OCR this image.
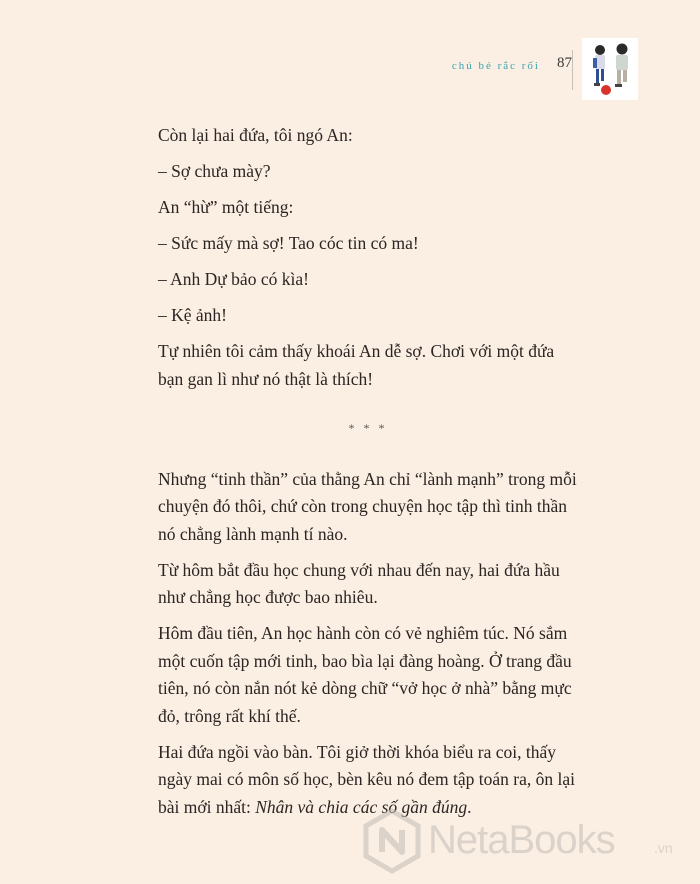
chú bé rắc rối 87

Còn lại hai đứa, tôi ngó An:

– Sợ chưa mày?

An “hừ” một tiếng:

– Sức mấy mà sợ! Tao cóc tin có ma!

– Anh Dự bảo có kìa!

– Kệ ảnh!

Tự nhiên tôi cảm thấy khoái An dễ sợ. Chơi với một đứa bạn gan lì như nó thật là thích!

* * *

Nhưng “tinh thần” của thằng An chỉ “lành mạnh” trong mỗi chuyện đó thôi, chứ còn trong chuyện học tập thì tinh thần nó chẳng lành mạnh tí nào.

Từ hôm bắt đầu học chung với nhau đến nay, hai đứa hầu như chẳng học được bao nhiêu.

Hôm đầu tiên, An học hành còn có vẻ nghiêm túc. Nó sắm một cuốn tập mới tinh, bao bìa lại đàng hoàng. Ở trang đầu tiên, nó còn nắn nót kẻ dòng chữ “vở học ở nhà” bằng mực đỏ, trông rất khí thế.

Hai đứa ngồi vào bàn. Tôi giở thời khóa biểu ra coi, thấy ngày mai có môn số học, bèn kêu nó đem tập toán ra, ôn lại bài mới nhất: Nhân và chia các số gần đúng.

NetaBooks	.vn
